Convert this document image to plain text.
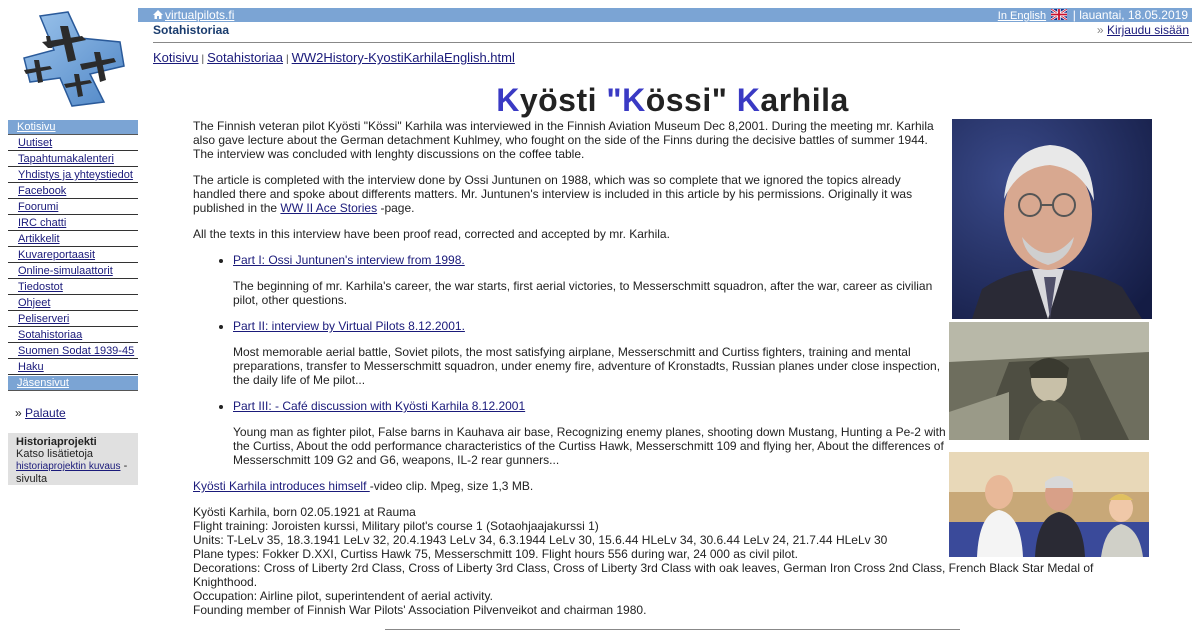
virtualpilots.fi	In English | lauantai, 18.05.2019
Sotahistoriaa	» Kirjaudu sisään
Kotisivu | Sotahistoriaa | WW2History-KyostiKarhilaEnglish.html
Kotisivu
Uutiset
Tapahtumakalenteri
Yhdistys ja yhteystiedot
Facebook
Foorumi
IRC chatti
Artikkelit
Kuvareportaasit
Online-simulaattorit
Tiedostot
Ohjeet
Peliserveri
Sotahistoriaa
Suomen Sodat 1939-45
Haku
Jäsensivut
» Palaute
Historiaprojekti
Katso lisätietoja
historiaprojektin kuvaus - sivulta
Kyösti "Kössi" Karhila

The Finnish veteran pilot Kyösti "Kössi" Karhila was interviewed in the Finnish Aviation Museum Dec 8,2001. During the meeting mr. Karhila also gave lecture about the German detachment Kuhlmey, who fought on the side of the Finns during the decisive battles of summer 1944. The interview was concluded with lenghty discussions on the coffee table.

The article is completed with the interview done by Ossi Juntunen on 1988, which was so complete that we ignored the topics already handled there and spoke about differents matters. Mr. Juntunen's interview is included in this article by his permissions. Originally it was published in the WW II Ace Stories -page.

All the texts in this interview have been proof read, corrected and accepted by mr. Karhila.

• Part I: Ossi Juntunen's interview from 1998.

The beginning of mr. Karhila's career, the war starts, first aerial victories, to Messerschmitt squadron, after the war, career as civilian pilot, other questions.

• Part II: interview by Virtual Pilots 8.12.2001.

Most memorable aerial battle, Soviet pilots, the most satisfying airplane, Messerschmitt and Curtiss fighters, training and mental preparations, transfer to Messerschmitt squadron, under enemy fire, adventure of Kronstadts, Russian planes under close inspection, the daily life of Me pilot...

• Part III: - Café discussion with Kyösti Karhila 8.12.2001

Young man as fighter pilot, False barns in Kauhava air base, Recognizing enemy planes, shooting down Mustang, Hunting a Pe-2 with the Curtiss, About the odd performance characteristics of the Curtiss Hawk, Messerschmitt 109 and flying her, About the differences of Messerschmitt 109 G2 and G6, weapons, IL-2 rear gunners...

Kyösti Karhila introduces himself -video clip. Mpeg, size 1,3 MB.

Kyösti Karhila, born 02.05.1921 at Rauma
Flight training: Joroisten kurssi, Military pilot's course 1 (Sotaohjaajakurssi 1)
Units: T-LeLv 35, 18.3.1941 LeLv 32, 20.4.1943 LeLv 34, 6.3.1944 LeLv 30, 15.6.44 HLeLv 34, 30.6.44 LeLv 24, 21.7.44 HLeLv 30
Plane types: Fokker D.XXI, Curtiss Hawk 75, Messerschmitt 109. Flight hours 556 during war, 24 000 as civil pilot.
Decorations: Cross of Liberty 2rd Class, Cross of Liberty 3rd Class, Cross of Liberty 3rd Class with oak leaves, German Iron Cross 2nd Class, French Black Star Medal of Knighthood.
Occupation: Airline pilot, superintendent of aerial activity.
Founding member of Finnish War Pilots' Association Pilvenveikot and chairman 1980.
